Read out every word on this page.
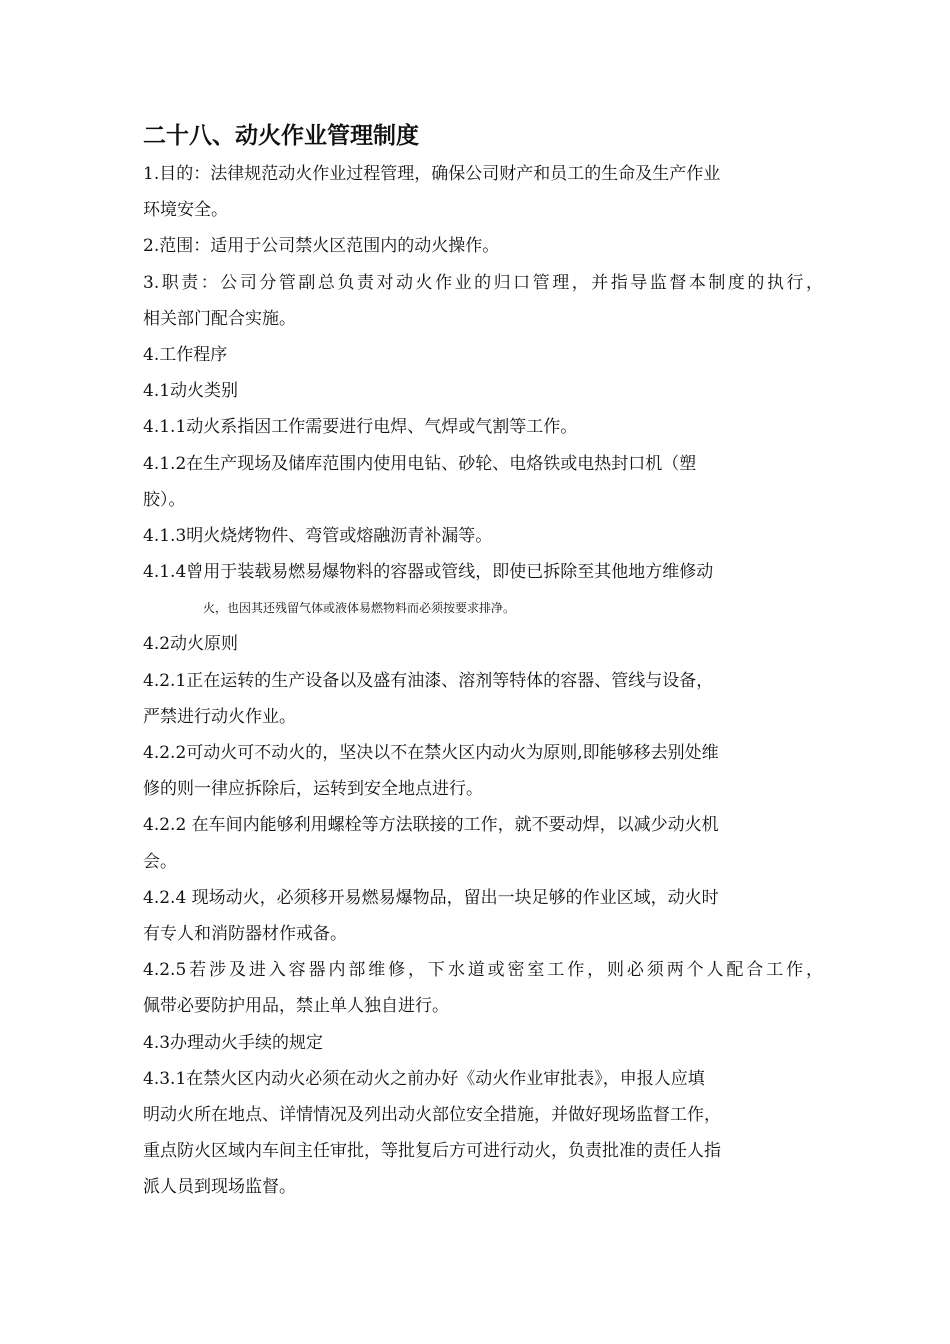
二十八、动火作业管理制度
1.目的：法律规范动火作业过程管理，确保公司财产和员工的生命及生产作业
环境安全。
2.范围：适用于公司禁火区范围内的动火操作。
3.职责：公司分管副总负责对动火作业的归口管理，并指导监督本制度的执行，
相关部门配合实施。
4.工作程序
4.1动火类别
4.1.1动火系指因工作需要进行电焊、气焊或气割等工作。
4.1.2在生产现场及储库范围内使用电钻、砂轮、电烙铁或电热封口机（塑
胶）。
4.1.3明火烧烤物件、弯管或熔融沥青补漏等。
4.1.4曾用于装载易燃易爆物料的容器或管线，即使已拆除至其他地方维修动
火，也因其还残留气体或液体易燃物料而必须按要求排净。
4.2动火原则
4.2.1正在运转的生产设备以及盛有油漆、溶剂等特体的容器、管线与设备，
严禁进行动火作业。
4.2.2可动火可不动火的，坚决以不在禁火区内动火为原则,即能够移去别处维
修的则一律应拆除后，运转到安全地点进行。
4.2.2 在车间内能够利用螺栓等方法联接的工作，就不要动焊，以减少动火机
会。
4.2.4 现场动火，必须移开易燃易爆物品，留出一块足够的作业区域，动火时
有专人和消防器材作戒备。
4.2.5若涉及进入容器内部维修，下水道或密室工作，则必须两个人配合工作，
佩带必要防护用品，禁止单人独自进行。
4.3办理动火手续的规定
4.3.1在禁火区内动火必须在动火之前办好《动火作业审批表》，申报人应填
明动火所在地点、详情情况及列出动火部位安全措施，并做好现场监督工作，
重点防火区域内车间主任审批，等批复后方可进行动火，负责批准的责任人指
派人员到现场监督。
